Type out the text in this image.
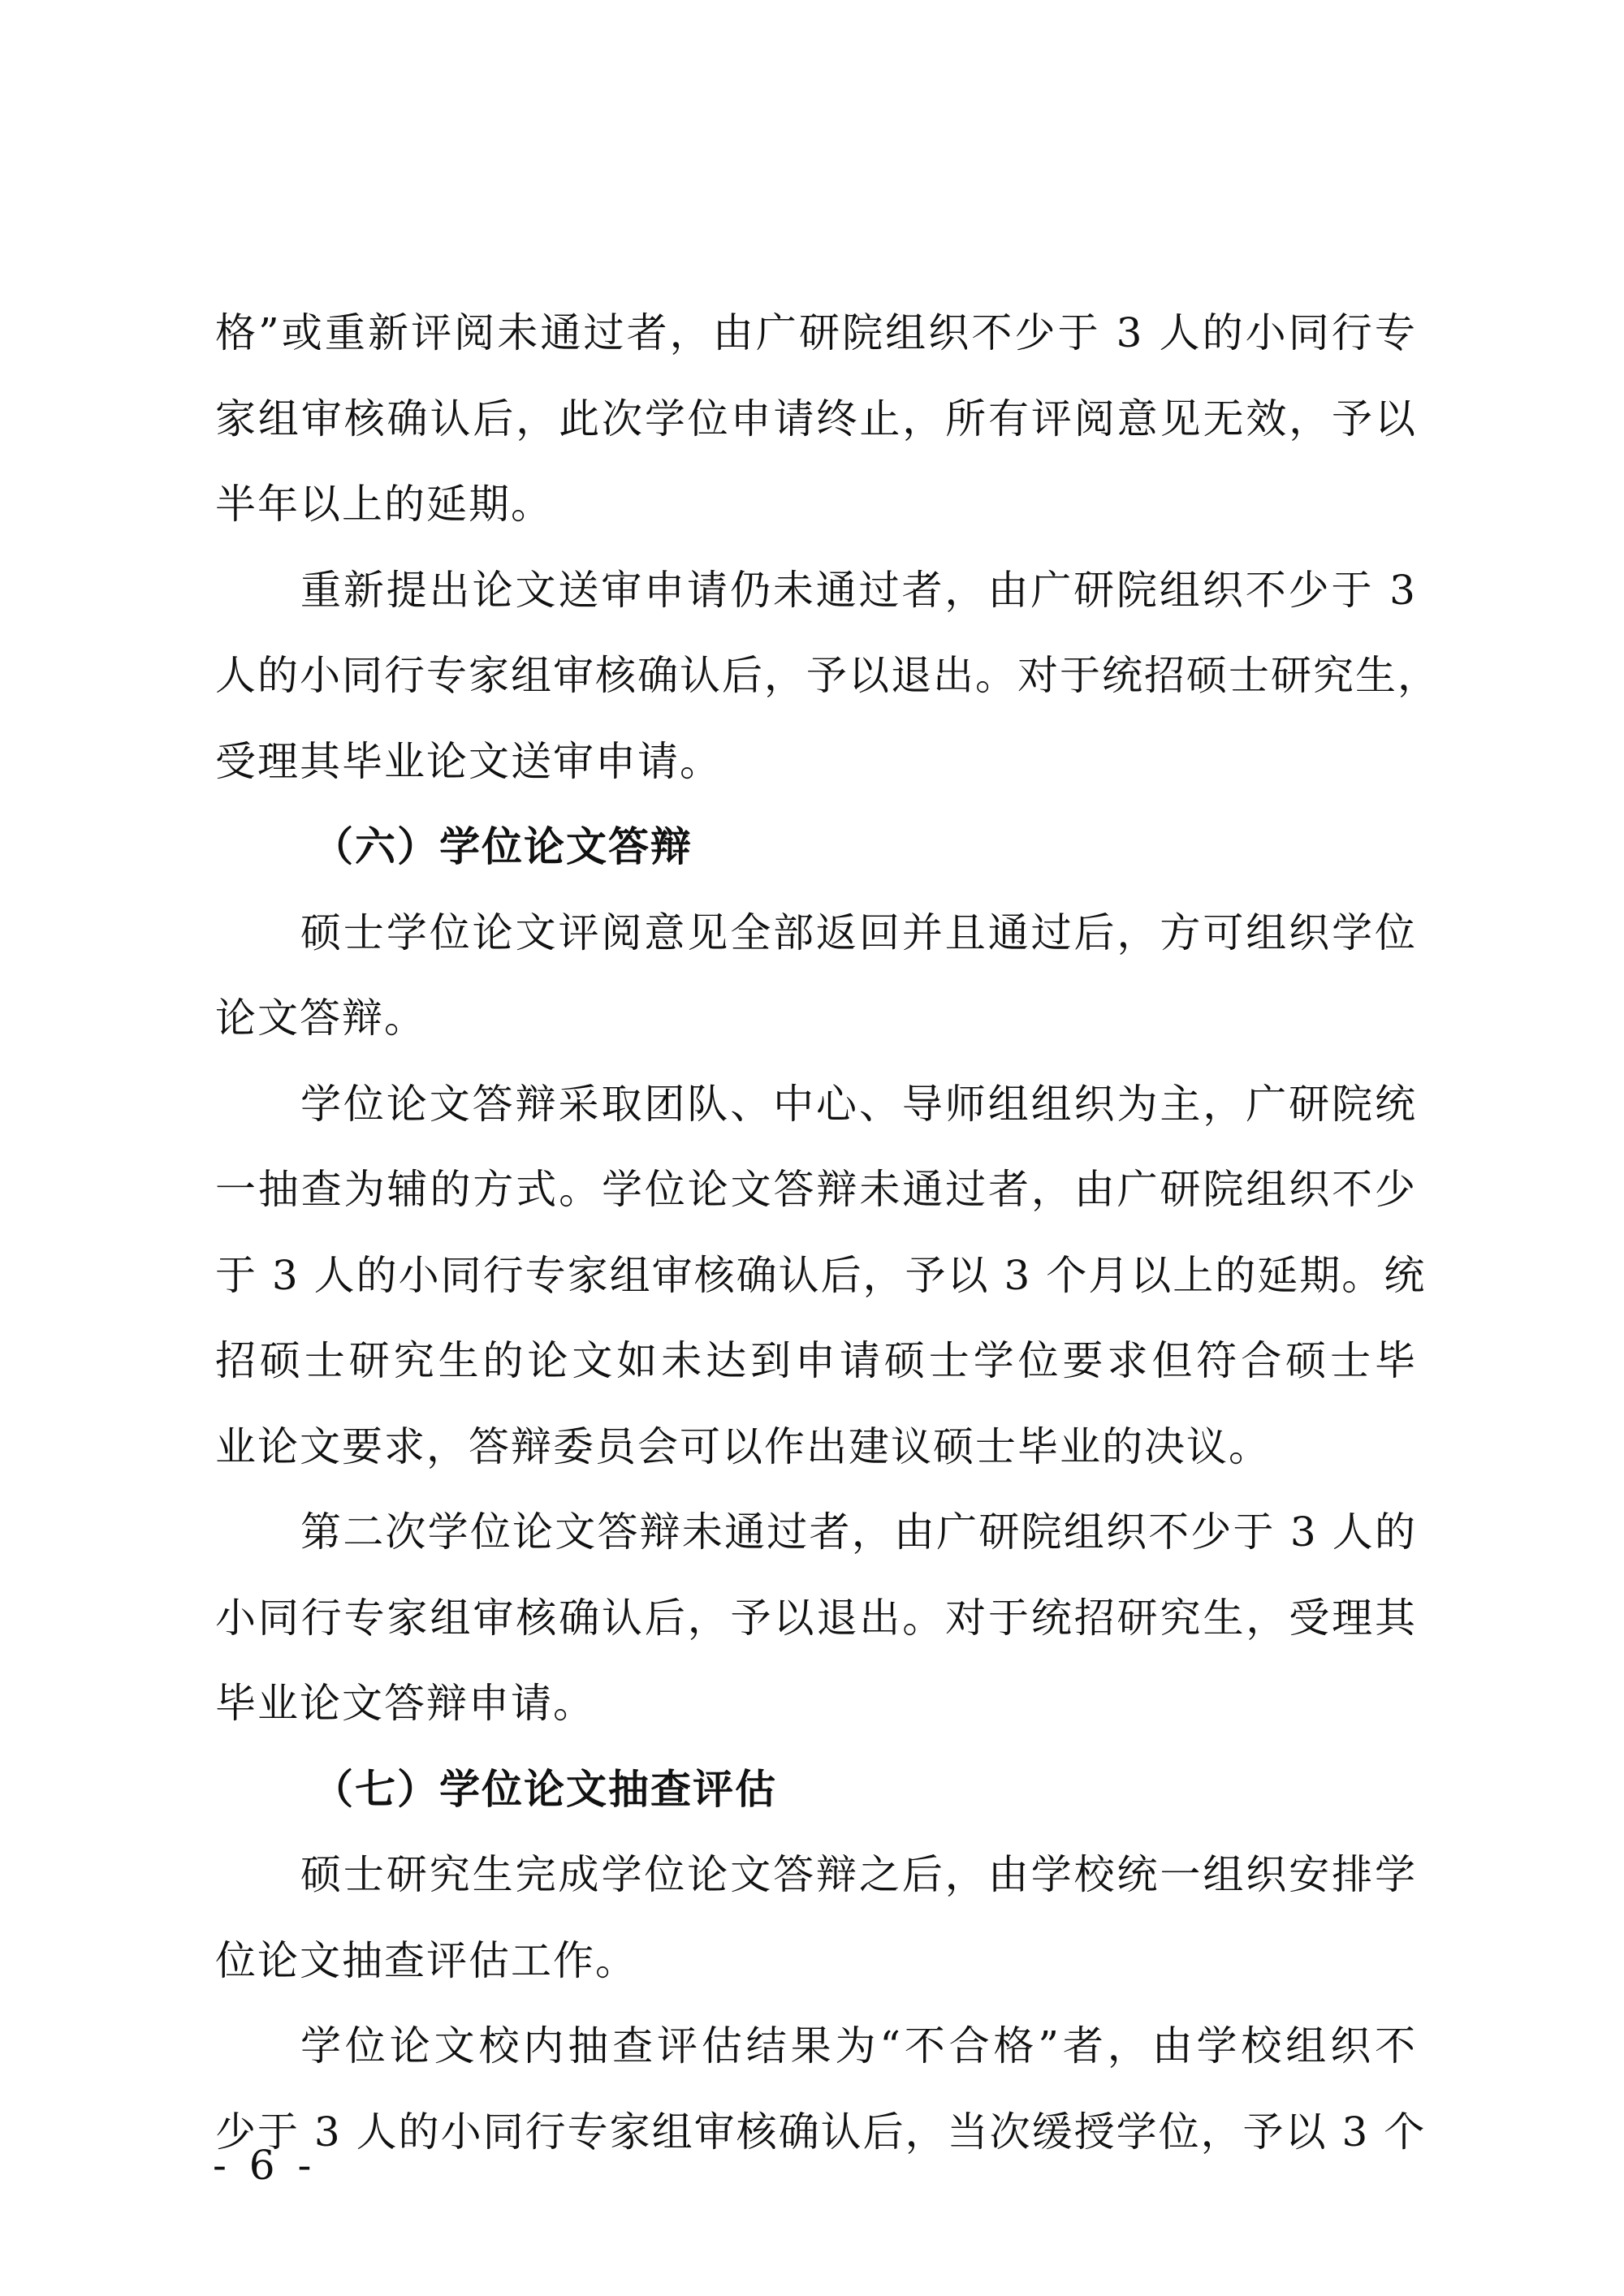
- 6 -
格”或重新评阅未通过者，由广研院组织不少于 3 人的小同行专
家组审核确认后，此次学位申请终止，所有评阅意见无效，予以
半年以上的延期。
重新提出论文送审申请仍未通过者，由广研院组织不少于 3
人的小同行专家组审核确认后，予以退出。对于统招硕士研究生，
受理其毕业论文送审申请。
（六）学位论文答辩
硕士学位论文评阅意见全部返回并且通过后，方可组织学位
论文答辩。
学位论文答辩采取团队、中心、导师组组织为主，广研院统
一抽查为辅的方式。学位论文答辩未通过者，由广研院组织不少
于 3 人的小同行专家组审核确认后，予以 3 个月以上的延期。统
招硕士研究生的论文如未达到申请硕士学位要求但符合硕士毕
业论文要求，答辩委员会可以作出建议硕士毕业的决议。
第二次学位论文答辩未通过者，由广研院组织不少于 3 人的
小同行专家组审核确认后，予以退出。对于统招研究生，受理其
毕业论文答辩申请。
（七）学位论文抽查评估
硕士研究生完成学位论文答辩之后，由学校统一组织安排学
位论文抽查评估工作。
学位论文校内抽查评估结果为“不合格”者，由学校组织不
少于 3 人的小同行专家组审核确认后，当次缓授学位，予以 3 个
